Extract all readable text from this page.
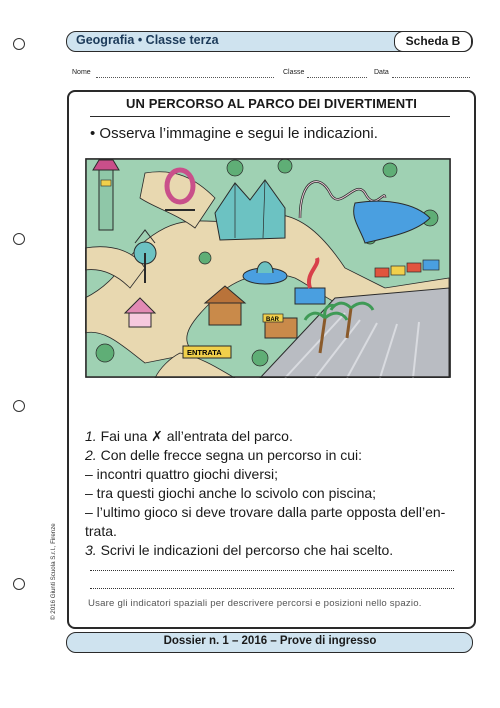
Geografia • Classe terza	Scheda B
Nome	Classe	Data
UN PERCORSO AL PARCO DEI DIVERTIMENTI
• Osserva l’immagine e segui le indicazioni.
BAR
ENTRATA
1. Fai una ✗ all’entrata del parco.
2. Con delle frecce segna un percorso in cui:
– incontri quattro giochi diversi;
– tra questi giochi anche lo scivolo con piscina;
– l’ultimo gioco si deve trovare dalla parte opposta dell’en-
trata.
3. Scrivi le indicazioni del percorso che hai scelto.
Usare gli indicatori spaziali per descrivere percorsi e posizioni nello spazio.
© 2016 Giunti Scuola S.r.l., Firenze
Dossier n. 1 – 2016 – Prove di ingresso
